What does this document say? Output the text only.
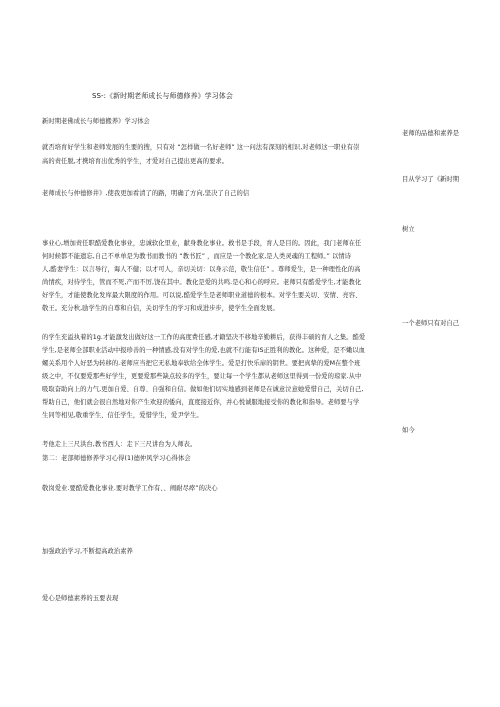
SS-:《新时期老师成长与师德修养》学习体会
新时期老佛成长与师德搬养》学习体会
老师的品德和素养是
就否培育好学生和老师发展的生要的搜，只有对 “怎样做一名好老师” 这一问法有深刻的相识,对老师这一职业有崇
高的责任脱,才携培育出优秀的学生，才爱对自己提出更高的要求。
目从学习了《新时期
老师成长与仲德修井》,使我更加看清了的路，明确了方向,坚决了自己的信
树立
事业心,增加责任职酷爱教化事业，忠诚软化里业，献身教化事业。救书是手段，育人是目的。因此，我门老师在任
何时候都不能遗忘,自己不单单是为教书而教书的 “教书匠” ，而应是一个教化家,是人类灵魂的工程师。” 以情诗
人,酷妻学生：以言导行，诲人不健；以才可人，亲切关切：以身示范，敬生信任” 。尊师爱生，是一种理性化的高
尚情疾，对待学生，管而不死,产而不厉,饶在其中。教化是爱的共鸣.是心和心的呼应。老师只有酷爱学生,才能教化
好学生，才能使教化发库最大限度的作用。可以说,酷爱学生是老师职业道德的根本。对学生要关切、安情、亮容、
敬王。充分秋,励学生的自尊和自信，关切学生的学习和成进步步，使学生全面发展。
一个老师只有对自己
的学生充溢执着的1g.才能激发出做好这一工作的高度费任感,才籍坚决不移地辛勤耕后，获得丰硕的育人之集。酷爱
学生,是老师全部职业活动中报珍善的一种情感,没有对学生的爱,也就不行能有IS正胜利的教化。这种爱，是不嫩以血
螺关系用个人好恶为转移的.老师应当把它无私地奉软给全体学生。爱是打快乐扉的钥世。要把真挚的爱M在整个班
级之中，不仅要爱那些好学生，更要爱那些缺点较多的学生，要让每一个学生都从老师这里得到一份爱的琼家.从中
吸取奋助向上的力气,更加自爱、自尊、自强和自信。做如他们切实地感到老师是在诚意泣意她爱惜自己，关切自己,
帮助自己，他们就会很自然地对你产生欢迎的倭向，直度接近你，并心悦诚服地接受你的教化和指导。老师要与学
生同等相见,敬重学生、信任学生，爱惜学生，爱尹学生。
如今
考他走上三尺洪台,教书西人：走下三尺讲台为人师表。
第二：老部师德修养学习心得(1)德仲风学习心得体会
敬岗爱业.要酷爱教化事业.要对教学工作有、、阐耐尽瘁”的决心
加强政治学习,不断提高政治素养
爱心是师德素养的玉要表现
